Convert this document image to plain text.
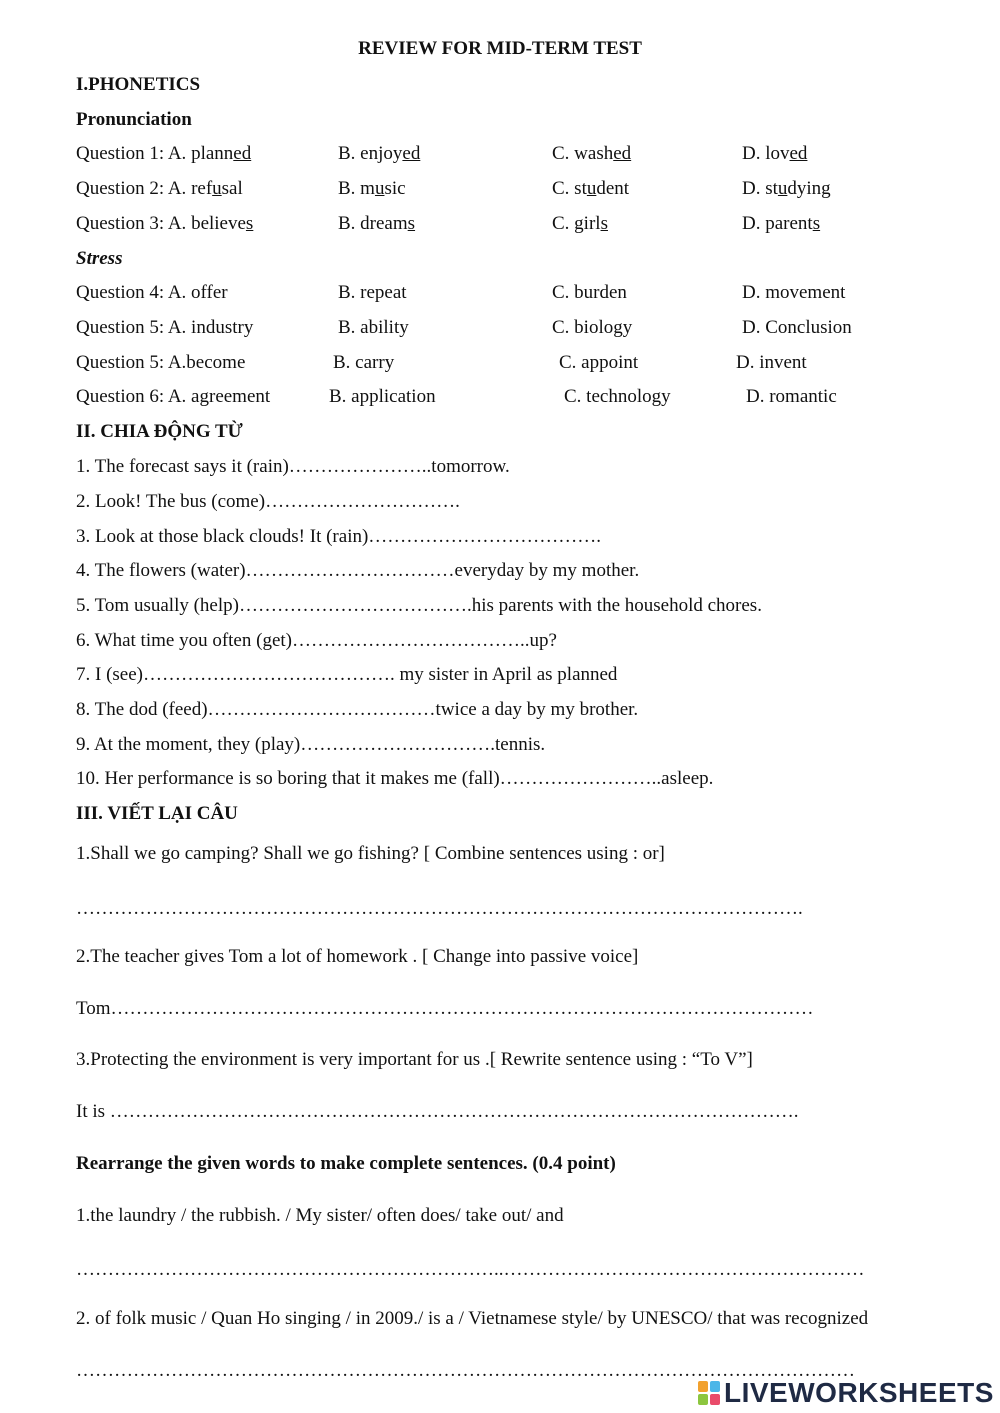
REVIEW FOR MID-TERM TEST
I.PHONETICS
Pronunciation
Question 1: A. planned	B. enjoyed	C. washed	D. loved
Question 2: A. refusal	B. music	C. student	D. studying
Question 3: A. believes	B. dreams	C. girls	D. parents
Stress
Question 4: A. offer	B. repeat	C. burden	D. movement
Question 5: A. industry	B. ability	C. biology	D. Conclusion
Question 5: A.become	B. carry	C. appoint	D. invent
Question 6: A. agreement	B. application	C. technology	D. romantic
II. CHIA ĐỘNG TỪ
1. The forecast says it (rain)…………………..tomorrow.
2. Look! The bus (come)………………………….
3. Look at those black clouds! It (rain)……………………………….
4. The flowers (water)……………………………everyday by my mother.
5. Tom usually (help)……………………………….his parents with the household chores.
6. What time you often (get)………………………………..up?
7. I (see)…………………………………. my sister in April as planned
8. The dod (feed)………………………………twice a day by my brother.
9. At the moment, they (play)………………………….tennis.
10. Her performance is so boring that it makes me (fall)……………………..asleep.
III. VIẾT LẠI CÂU
1.Shall we go camping? Shall we go fishing? [ Combine sentences using : or]
…………………………………………………………………………………………………….
2.The teacher gives Tom a lot of homework . [ Change into passive voice]
Tom…………………………………………………………………………………………………
3.Protecting the environment is very important for us .[ Rewrite sentence using : “To V”]
It is ……………………………………………………………………………………………….
Rearrange the given words to make complete sentences. (0.4 point)
1.the laundry / the rubbish. / My sister/ often does/ take out/ and
…………………………………………………………..…………………………………………………
2. of folk music / Quan Ho singing / in 2009./ is a / Vietnamese style/ by UNESCO/ that was recognized
……………………………………………………………………………………………………………
LIVEWORKSHEETS
